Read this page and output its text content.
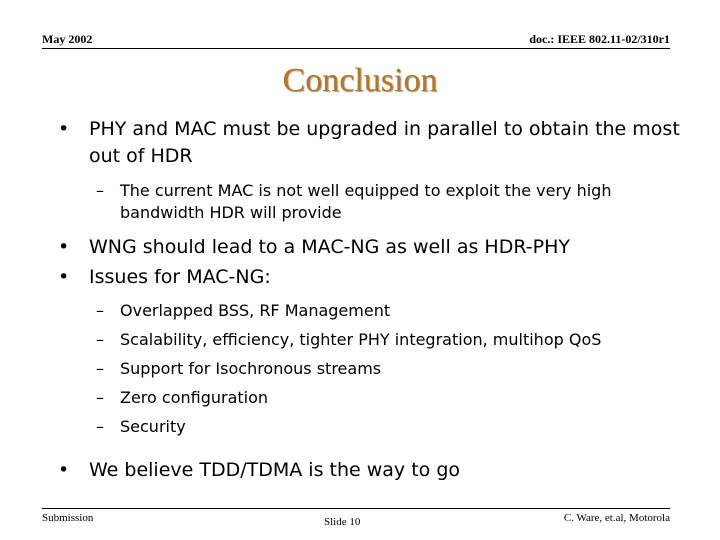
May 2002	doc.: IEEE 802.11-02/310r1
Conclusion
• PHY and MAC must be upgraded in parallel to obtain the most out of HDR
– The current MAC is not well equipped to exploit the very high bandwidth HDR will provide
• WNG should lead to a MAC-NG as well as HDR-PHY
• Issues for MAC-NG:
– Overlapped BSS, RF Management
– Scalability, efficiency, tighter PHY integration, multihop QoS
– Support for Isochronous streams
– Zero configuration
– Security
• We believe TDD/TDMA is the way to go
Submission	Slide 10	C. Ware, et.al, Motorola
